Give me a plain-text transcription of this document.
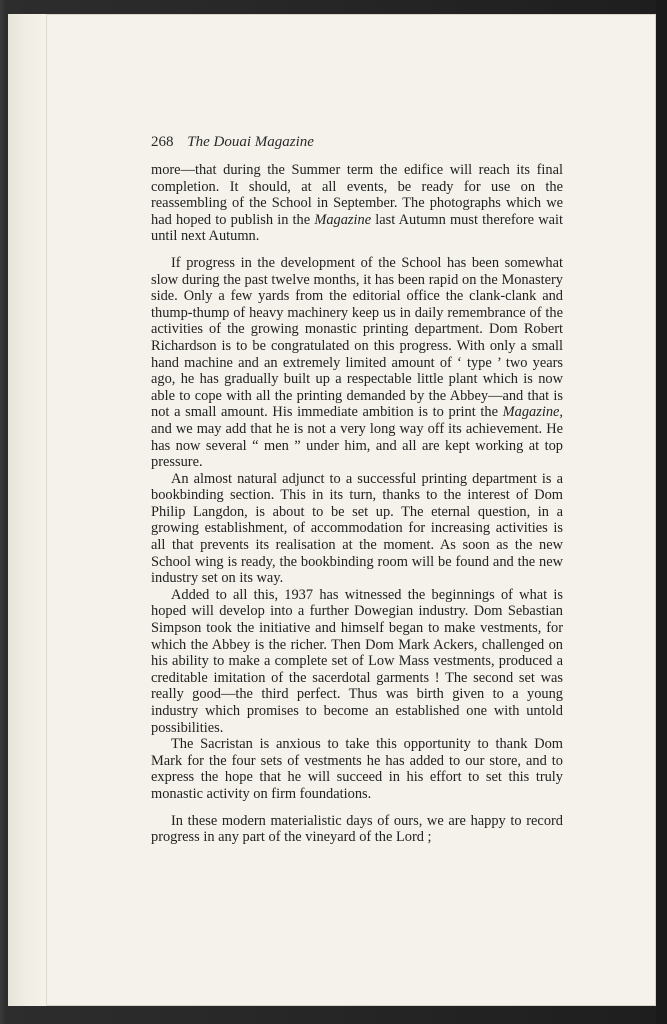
268 The Douai Magazine

more—that during the Summer term the edifice will reach its final completion. It should, at all events, be ready for use on the reassembling of the School in September. The photographs which we had hoped to publish in the Magazine last Autumn must therefore wait until next Autumn.

If progress in the development of the School has been somewhat slow during the past twelve months, it has been rapid on the Monastery side. Only a few yards from the editorial office the clank-clank and thump-thump of heavy machinery keep us in daily remembrance of the activities of the growing monastic printing department. Dom Robert Richardson is to be congratulated on this progress. With only a small hand machine and an extremely limited amount of ‘ type ’ two years ago, he has gradually built up a respectable little plant which is now able to cope with all the printing demanded by the Abbey—and that is not a small amount. His immediate ambition is to print the Magazine, and we may add that he is not a very long way off its achievement. He has now several “ men ” under him, and all are kept working at top pressure.

An almost natural adjunct to a successful printing department is a bookbinding section. This in its turn, thanks to the interest of Dom Philip Langdon, is about to be set up. The eternal question, in a growing establishment, of accommodation for increasing activities is all that prevents its realisation at the moment. As soon as the new School wing is ready, the bookbinding room will be found and the new industry set on its way.

Added to all this, 1937 has witnessed the beginnings of what is hoped will develop into a further Dowegian industry. Dom Sebastian Simpson took the initiative and himself began to make vestments, for which the Abbey is the richer. Then Dom Mark Ackers, challenged on his ability to make a complete set of Low Mass vestments, produced a creditable imitation of the sacerdotal garments ! The second set was really good—the third perfect. Thus was birth given to a young industry which promises to become an established one with untold possibilities.

The Sacristan is anxious to take this opportunity to thank Dom Mark for the four sets of vestments he has added to our store, and to express the hope that he will succeed in his effort to set this truly monastic activity on firm foundations.

In these modern materialistic days of ours, we are happy to record progress in any part of the vineyard of the Lord ;
